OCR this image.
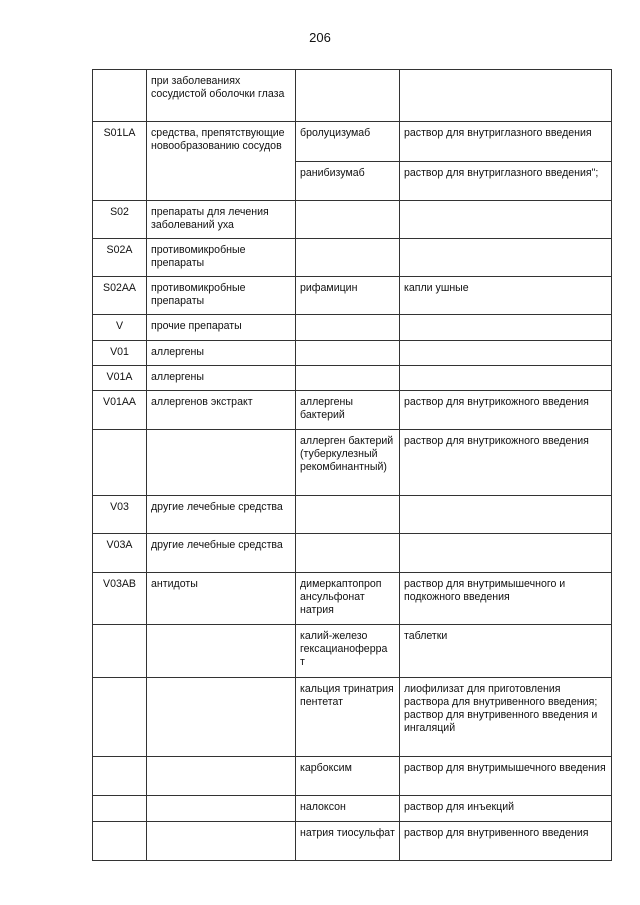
206
	при заболеваниях сосудистой оболочки глаза		
S01LA	средства, препятствующие новообразованию сосудов	бролуцизумаб	раствор для внутриглазного введения
		ранибизумаб	раствор для внутриглазного введения";
S02	препараты для лечения заболеваний уха		
S02A	противомикробные препараты		
S02AA	противомикробные препараты	рифамицин	капли ушные
V	прочие препараты		
V01	аллергены		
V01A	аллергены		
V01AA	аллергенов экстракт	аллергены бактерий	раствор для внутрикожного введения
		аллерген бактерий (туберкулезный рекомбинантный)	раствор для внутрикожного введения
V03	другие лечебные средства		
V03A	другие лечебные средства		
V03AB	антидоты	димеркаптопроп
ансульфонат
натрия	раствор для внутримышечного и подкожного введения
		калий-железо
гексацианоферра
т	таблетки
		кальция тринатрия пентетат	лиофилизат для приготовления раствора для внутривенного введения;
раствор для внутривенного введения и ингаляций
		карбоксим	раствор для внутримышечного введения
		налоксон	раствор для инъекций
		натрия тиосульфат	раствор для внутривенного введения
